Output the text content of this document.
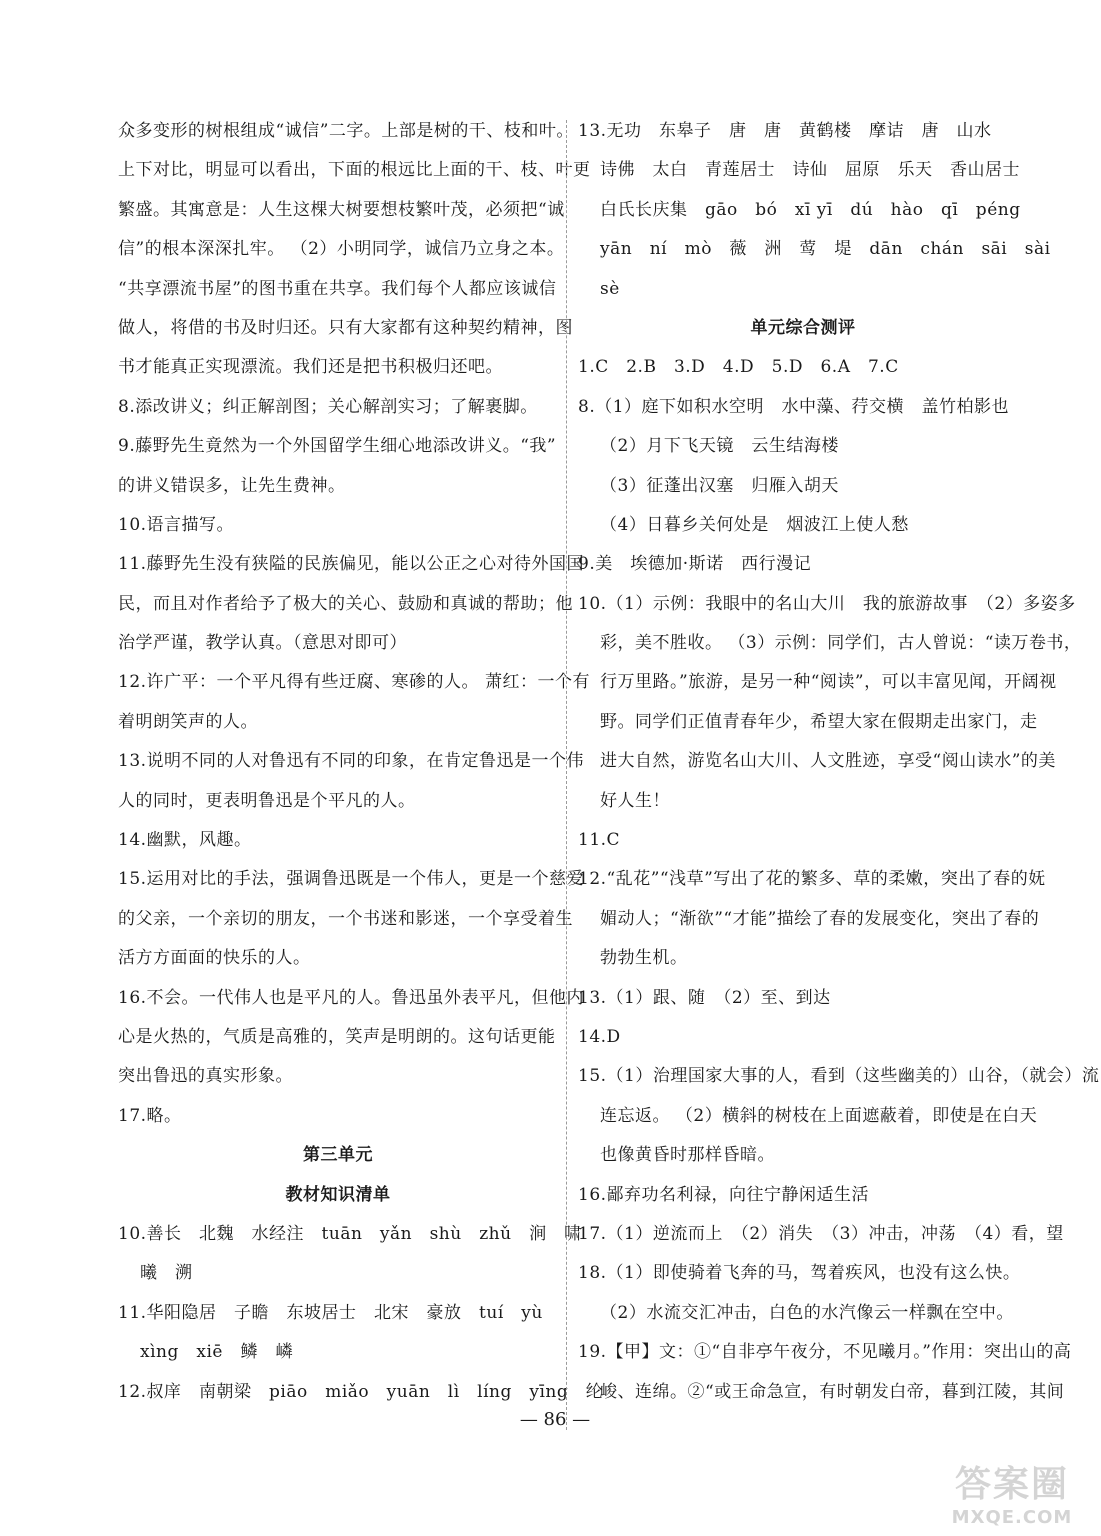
众多变形的树根组成“诚信”二字。上部是树的干、枝和叶。
上下对比，明显可以看出，下面的根远比上面的干、枝、叶更
繁盛。其寓意是：人生这棵大树要想枝繁叶茂，必须把“诚
信”的根本深深扎牢。 （2）小明同学，诚信乃立身之本。
“共享漂流书屋”的图书重在共享。我们每个人都应该诚信
做人，将借的书及时归还。只有大家都有这种契约精神，图
书才能真正实现漂流。我们还是把书积极归还吧。
8.添改讲义；纠正解剖图；关心解剖实习；了解裹脚。
9.藤野先生竟然为一个外国留学生细心地添改讲义。“我”
的讲义错误多，让先生费神。
10.语言描写。
11.藤野先生没有狭隘的民族偏见，能以公正之心对待外国国
民，而且对作者给予了极大的关心、鼓励和真诚的帮助；他
治学严谨，教学认真。（意思对即可）
12.许广平：一个平凡得有些迂腐、寒碜的人。 萧红：一个有
着明朗笑声的人。
13.说明不同的人对鲁迅有不同的印象，在肯定鲁迅是一个伟
人的同时，更表明鲁迅是个平凡的人。
14.幽默，风趣。
15.运用对比的手法，强调鲁迅既是一个伟人，更是一个慈爱
的父亲，一个亲切的朋友，一个书迷和影迷，一个享受着生
活方方面面的快乐的人。
16.不会。一代伟人也是平凡的人。鲁迅虽外表平凡，但他内
心是火热的，气质是高雅的，笑声是明朗的。这句话更能
突出鲁迅的真实形象。
17.略。
第三单元
教材知识清单
10.善长　北魏　水经注　tuān　yǎn　shù　zhǔ　涧　啸
曦　溯
11.华阳隐居　子瞻　东坡居士　北宋　豪放　tuí　yù
xìng　xiē　鳞　嶙
12.叔庠　南朝梁　piāo　miǎo　yuān　lì　líng　yīng　纶
13.无功　东皋子　唐　唐　黄鹤楼　摩诘　唐　山水
诗佛　太白　青莲居士　诗仙　屈原　乐天　香山居士
白氏长庆集　gāo　bó　xī yī　dú　hào　qī　péng
yān　ní　mò　薇　洲　莺　堤　dān　chán　sāi　sài
sè
单元综合测评
1.C　2.B　3.D　4.D　5.D　6.A　7.C
8.（1）庭下如积水空明　水中藻、荇交横　盖竹柏影也
（2）月下飞天镜　云生结海楼
（3）征蓬出汉塞　归雁入胡天
（4）日暮乡关何处是　烟波江上使人愁
9.美　埃德加·斯诺　西行漫记
10.（1）示例：我眼中的名山大川　我的旅游故事　（2）多姿多
彩，美不胜收。 （3）示例：同学们，古人曾说：“读万卷书，
行万里路。”旅游，是另一种“阅读”，可以丰富见闻，开阔视
野。同学们正值青春年少，希望大家在假期走出家门，走
进大自然，游览名山大川、人文胜迹，享受“阅山读水”的美
好人生！
11.C
12.“乱花”“浅草”写出了花的繁多、草的柔嫩，突出了春的妩
媚动人；“渐欲”“才能”描绘了春的发展变化，突出了春的
勃勃生机。
13.（1）跟、随　（2）至、到达
14.D
15.（1）治理国家大事的人，看到（这些幽美的）山谷，（就会）流
连忘返。 （2）横斜的树枝在上面遮蔽着，即使是在白天
也像黄昏时那样昏暗。
16.鄙弃功名利禄，向往宁静闲适生活
17.（1）逆流而上　（2）消失　（3）冲击，冲荡　（4）看，望
18.（1）即使骑着飞奔的马，驾着疾风，也没有这么快。
（2）水流交汇冲击，白色的水汽像云一样飘在空中。
19.【甲】文：①“自非亭午夜分，不见曦月。”作用：突出山的高
峻、连绵。②“或王命急宣，有时朝发白帝，暮到江陵，其间
— 86 —
答案圈
MXQE.COM
